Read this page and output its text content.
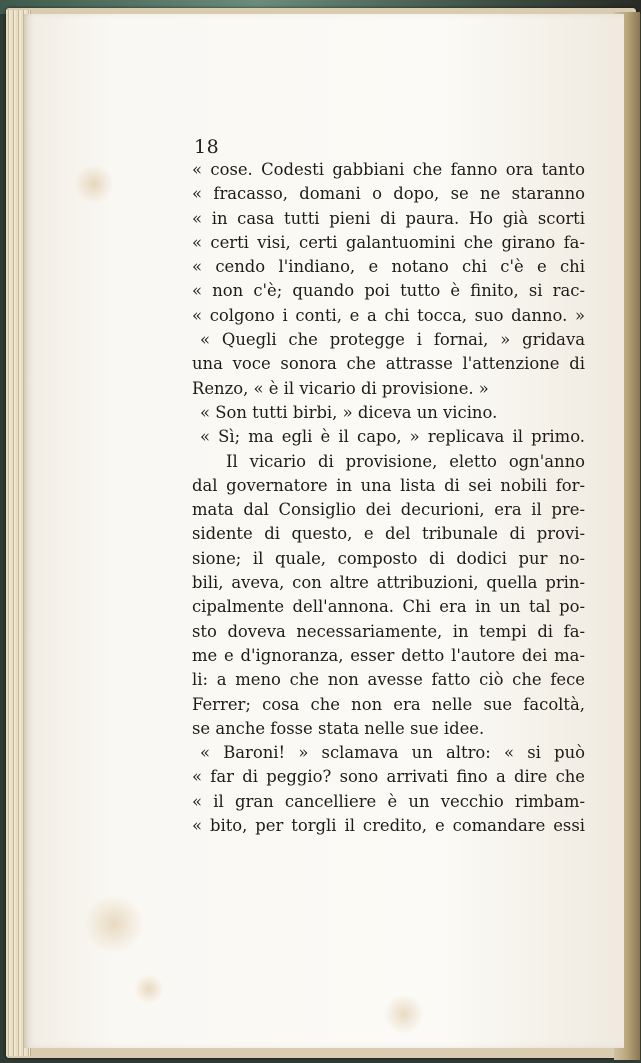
18
« cose. Codesti gabbiani che fanno ora tanto
« fracasso, domani o dopo, se ne staranno
« in casa tutti pieni di paura. Ho già scorti
« certi visi, certi galantuomini che girano fa-
« cendo l'indiano, e notano chi c'è e chi
« non c'è; quando poi tutto è finito, si rac-
« colgono i conti, e a chi tocca, suo danno. »
« Quegli che protegge i fornai, » gridava
una voce sonora che attrasse l'attenzione di
Renzo, « è il vicario di provisione. »
« Son tutti birbi, » diceva un vicino.
« Sì; ma egli è il capo, » replicava il primo.
Il vicario di provisione, eletto ogn'anno
dal governatore in una lista di sei nobili for-
mata dal Consiglio dei decurioni, era il pre-
sidente di questo, e del tribunale di provi-
sione; il quale, composto di dodici pur no-
bili, aveva, con altre attribuzioni, quella prin-
cipalmente dell'annona. Chi era in un tal po-
sto doveva necessariamente, in tempi di fa-
me e d'ignoranza, esser detto l'autore dei ma-
li: a meno che non avesse fatto ciò che fece
Ferrer; cosa che non era nelle sue facoltà,
se anche fosse stata nelle sue idee.
« Baroni! » sclamava un altro: « si può
« far di peggio? sono arrivati fino a dire che
« il gran cancelliere è un vecchio rimbam-
« bito, per torgli il credito, e comandare essi
